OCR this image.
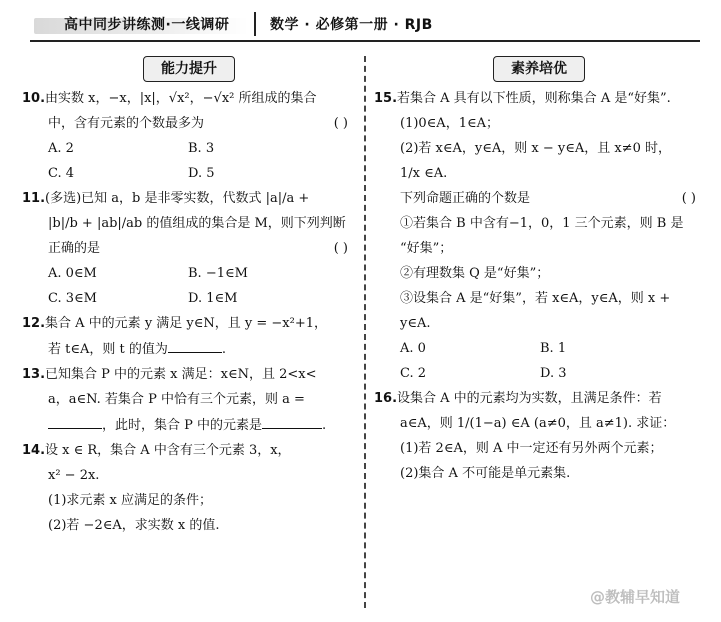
高中同步讲练测·一线调研	数学 · 必修第一册 · RJB
能力提升
10.由实数 x，−x，|x|，√x²，−√x² 所组成的集合
中，含有元素的个数最多为	( )
A. 2	B. 3
C. 4	D. 5
11.(多选)已知 a，b 是非零实数，代数式 |a|/a +
|b|/b + |ab|/ab 的值组成的集合是 M，则下列判断
正确的是	( )
A. 0∈M	B. −1∈M
C. 3∈M	D. 1∈M
12.集合 A 中的元素 y 满足 y∈N，且 y = −x²+1，
若 t∈A，则 t 的值为	.
13.已知集合 P 中的元素 x 满足：x∈N，且 2<x<
a，a∈N. 若集合 P 中恰有三个元素，则 a =
，此时，集合 P 中的元素是	.
14.设 x ∈ R，集合 A 中含有三个元素 3，x，
x² − 2x.
(1)求元素 x 应满足的条件；
(2)若 −2∈A，求实数 x 的值.
素养培优
15.若集合 A 具有以下性质，则称集合 A 是“好集”.
(1)0∈A，1∈A；
(2)若 x∈A，y∈A，则 x − y∈A，且 x≠0 时，
1/x ∈A.
下列命题正确的个数是	( )
①若集合 B 中含有−1，0，1 三个元素，则 B 是
“好集”；
②有理数集 Q 是“好集”；
③设集合 A 是“好集”，若 x∈A，y∈A，则 x +
y∈A.
A. 0	B. 1
C. 2	D. 3
16.设集合 A 中的元素均为实数，且满足条件：若
a∈A，则 1/(1−a) ∈A (a≠0，且 a≠1). 求证：
(1)若 2∈A，则 A 中一定还有另外两个元素；
(2)集合 A 不可能是单元素集.
@教辅早知道
